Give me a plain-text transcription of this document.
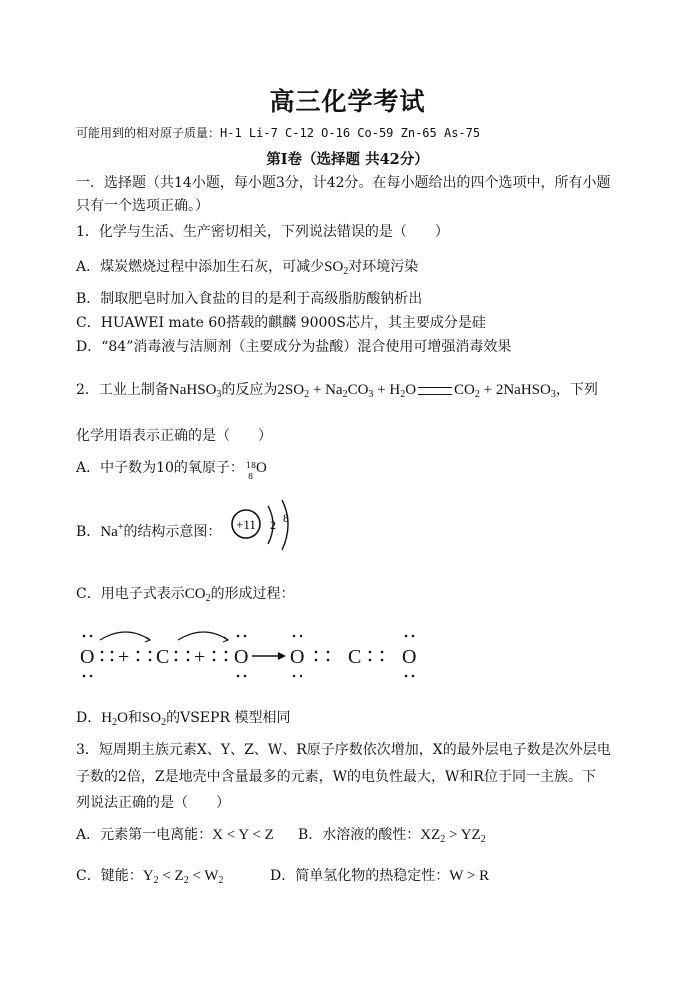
高三化学考试
可能用到的相对原子质量：H-1 Li-7 C-12 O-16 Co-59 Zn-65 As-75
第Ⅰ卷（选择题 共42分）
一．选择题（共14小题，每小题3分，计42分。在每小题给出的四个选项中，所有小题
只有一个选项正确。）
1．化学与生活、生产密切相关，下列说法错误的是（　　）
A．煤炭燃烧过程中添加生石灰，可减少$SO_2$对环境污染
B．制取肥皂时加入食盐的目的是利于高级脂肪酸钠析出
C．HUAWEI mate 60搭载的麒麟 9000S芯片，其主要成分是硅
D．“84”消毒液与洁厕剂（主要成分为盐酸）混合使用可增强消毒效果
2．工业上制备NaHSO$_3$的反应为$2SO_2 + Na_2CO_3 + H_2O$	$CO_2$ + 2NaHSO$_3$，下列
化学用语表示正确的是（　　）
A．中子数为10的氧原子： 18
8
O
B．Na+的结构示意图： +11 2 8
C．用电子式表示$CO_2$的形成过程：
O + C + O O C O
D．$H_2O$和$SO_2$的VSEPR 模型相同
3．短周期主族元素X、Y、Z、W、R原子序数依次增加，X的最外层电子数是次外层电
子数的2倍，Z是地壳中含量最多的元素，W的电负性最大，W和R位于同一主族。下
列说法正确的是（　　）
A．元素第一电离能：X < Y < Z B．水溶液的酸性：$XZ_2 > YZ_2$
C．键能：$Y_2 < Z_2 < W_2$	D．简单氢化物的热稳定性：W > R
